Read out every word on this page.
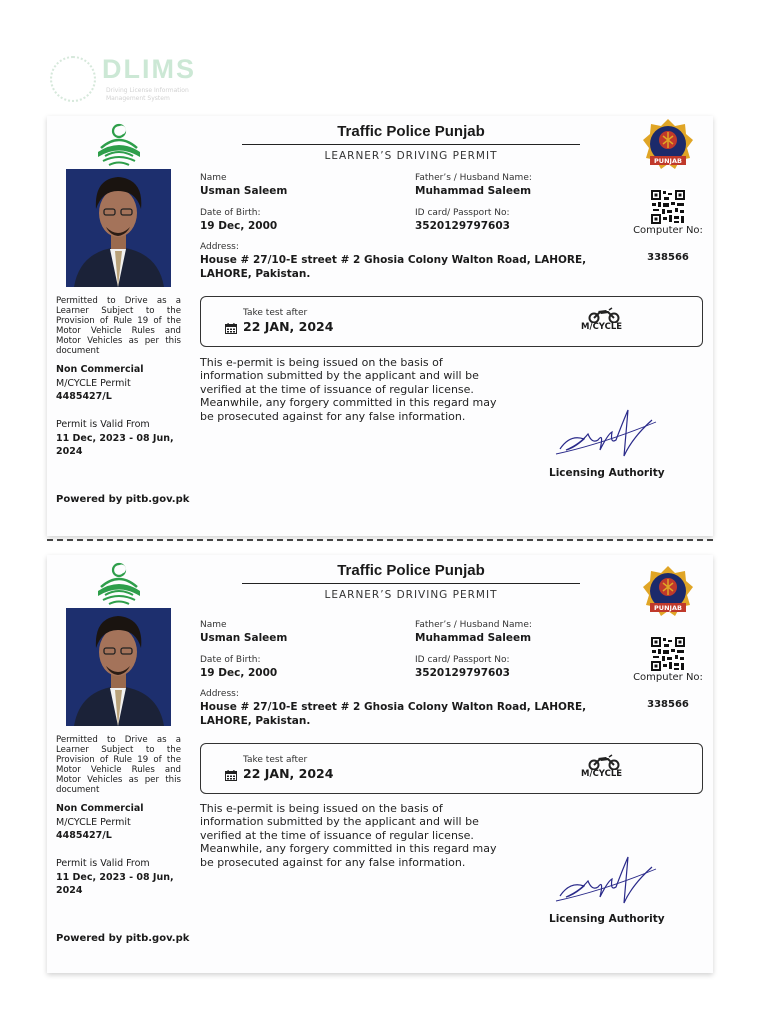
DLIMS
Driving License Information Management System
Permitted to Drive as a Learner Subject to the Provision of Rule 19 of the Motor Vehicle Rules and Motor Vehicles as per this document
Non Commercial
M/CYCLE Permit
4485427/L
Permit is Valid From
11 Dec, 2023 - 08 Jun, 2024
Powered by pitb.gov.pk
Traffic Police Punjab
LEARNER’S DRIVING PERMIT
Name
Usman Saleem
Father’s / Husband Name:
Muhammad Saleem
Date of Birth:
19 Dec, 2000
ID card/ Passport No:
3520129797603
Address:
House # 27/10-E street # 2 Ghosia Colony Walton Road, LAHORE, LAHORE, Pakistan.
Take test after
22 JAN, 2024	M/CYCLE
This e-permit is being issued on the basis of information submitted by the applicant and will be verified at the time of issuance of regular license. Meanwhile, any forgery committed in this regard may be prosecuted against for any false information.
Licensing Authority
PUNJAB
Computer No:
338566
Permitted to Drive as a Learner Subject to the Provision of Rule 19 of the Motor Vehicle Rules and Motor Vehicles as per this document
Non Commercial
M/CYCLE Permit
4485427/L
Permit is Valid From
11 Dec, 2023 - 08 Jun, 2024
Powered by pitb.gov.pk
Traffic Police Punjab
LEARNER’S DRIVING PERMIT
Name
Usman Saleem
Father’s / Husband Name:
Muhammad Saleem
Date of Birth:
19 Dec, 2000
ID card/ Passport No:
3520129797603
Address:
House # 27/10-E street # 2 Ghosia Colony Walton Road, LAHORE, LAHORE, Pakistan.
Take test after
22 JAN, 2024	M/CYCLE
This e-permit is being issued on the basis of information submitted by the applicant and will be verified at the time of issuance of regular license. Meanwhile, any forgery committed in this regard may be prosecuted against for any false information.
Licensing Authority
PUNJAB
Computer No:
338566
